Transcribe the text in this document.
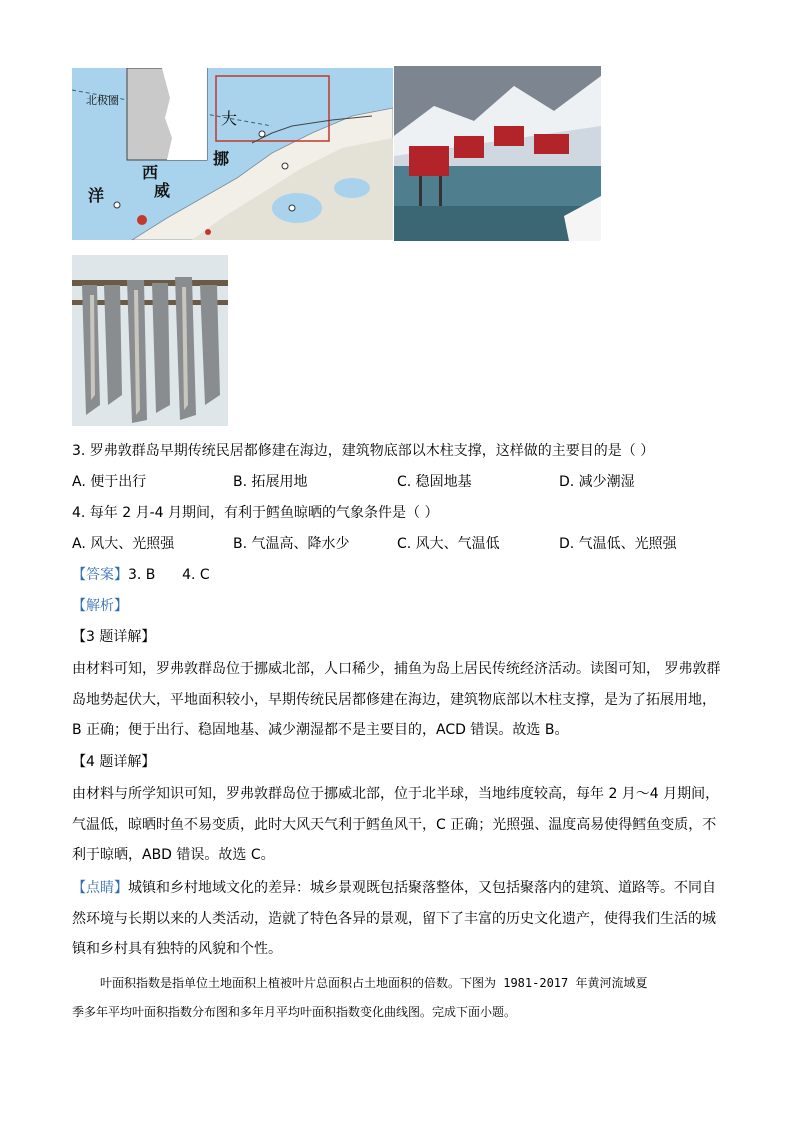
北极圈
大
挪
西
威
洋
3. 罗弗敦群岛早期传统民居都修建在海边，建筑物底部以木柱支撑，这样做的主要目的是（ ）
A. 便于出行	B. 拓展用地	C. 稳固地基	D. 减少潮湿
4. 每年 2 月-4 月期间，有利于鳕鱼晾晒的气象条件是（ ）
A. 风大、光照强	B. 气温高、降水少	C. 风大、气温低	D. 气温低、光照强
【答案】3. B      4. C
【解析】
【3 题详解】
由材料可知，罗弗敦群岛位于挪威北部，人口稀少，捕鱼为岛上居民传统经济活动。读图可知， 罗弗敦群岛地势起伏大，平地面积较小，早期传统民居都修建在海边，建筑物底部以木柱支撑，是为了拓展用地，B 正确；便于出行、稳固地基、减少潮湿都不是主要目的，ACD 错误。故选 B。
【4 题详解】
由材料与所学知识可知，罗弗敦群岛位于挪威北部，位于北半球，当地纬度较高，每年 2 月～4 月期间，气温低，晾晒时鱼不易变质，此时大风天气利于鳕鱼风干，C 正确；光照强、温度高易使得鳕鱼变质，不利于晾晒，ABD 错误。故选 C。
【点睛】城镇和乡村地域文化的差异：城乡景观既包括聚落整体，又包括聚落内的建筑、道路等。不同自然环境与长期以来的人类活动，造就了特色各异的景观，留下了丰富的历史文化遗产，使得我们生活的城镇和乡村具有独特的风貌和个性。
叶面积指数是指单位土地面积上植被叶片总面积占土地面积的倍数。下图为 1981-2017 年黄河流域夏
季多年平均叶面积指数分布图和多年月平均叶面积指数变化曲线图。完成下面小题。
